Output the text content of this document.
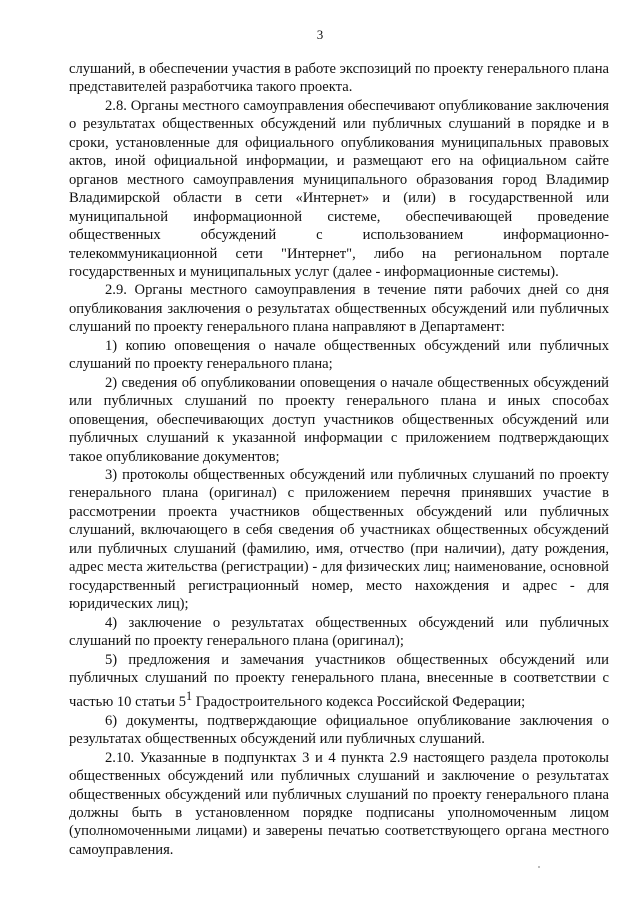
3

слушаний, в обеспечении участия в работе экспозиций по проекту генерального плана представителей разработчика такого проекта.

2.8. Органы местного самоуправления обеспечивают опубликование заключения о результатах общественных обсуждений или публичных слушаний в порядке и в сроки, установленные для официального опубликования муниципальных правовых актов, иной официальной информации, и размещают его на официальном сайте органов местного самоуправления муниципального образования город Владимир Владимирской области в сети «Интернет» и (или) в государственной или муниципальной информационной системе, обеспечивающей проведение общественных обсуждений с использованием информационно-телекоммуникационной сети "Интернет", либо на региональном портале государственных и муниципальных услуг (далее - информационные системы).

2.9. Органы местного самоуправления в течение пяти рабочих дней со дня опубликования заключения о результатах общественных обсуждений или публичных слушаний по проекту генерального плана направляют в Департамент:

1) копию оповещения о начале общественных обсуждений или публичных слушаний по проекту генерального плана;

2) сведения об опубликовании оповещения о начале общественных обсуждений или публичных слушаний по проекту генерального плана и иных способах оповещения, обеспечивающих доступ участников общественных обсуждений или публичных слушаний к указанной информации с приложением подтверждающих такое опубликование документов;

3) протоколы общественных обсуждений или публичных слушаний по проекту генерального плана (оригинал) с приложением перечня принявших участие в рассмотрении проекта участников общественных обсуждений или публичных слушаний, включающего в себя сведения об участниках общественных обсуждений или публичных слушаний (фамилию, имя, отчество (при наличии), дату рождения, адрес места жительства (регистрации) - для физических лиц; наименование, основной государственный регистрационный номер, место нахождения и адрес - для юридических лиц);

4) заключение о результатах общественных обсуждений или публичных слушаний по проекту генерального плана (оригинал);

5) предложения и замечания участников общественных обсуждений или публичных слушаний по проекту генерального плана, внесенные в соответствии с частью 10 статьи $5^1$ Градостроительного кодекса Российской Федерации;

6) документы, подтверждающие официальное опубликование заключения о результатах общественных обсуждений или публичных слушаний.

2.10. Указанные в подпунктах 3 и 4 пункта 2.9 настоящего раздела протоколы общественных обсуждений или публичных слушаний и заключение о результатах общественных обсуждений или публичных слушаний по проекту генерального плана должны быть в установленном порядке подписаны уполномоченным лицом (уполномоченными лицами) и заверены печатью соответствующего органа местного самоуправления.
